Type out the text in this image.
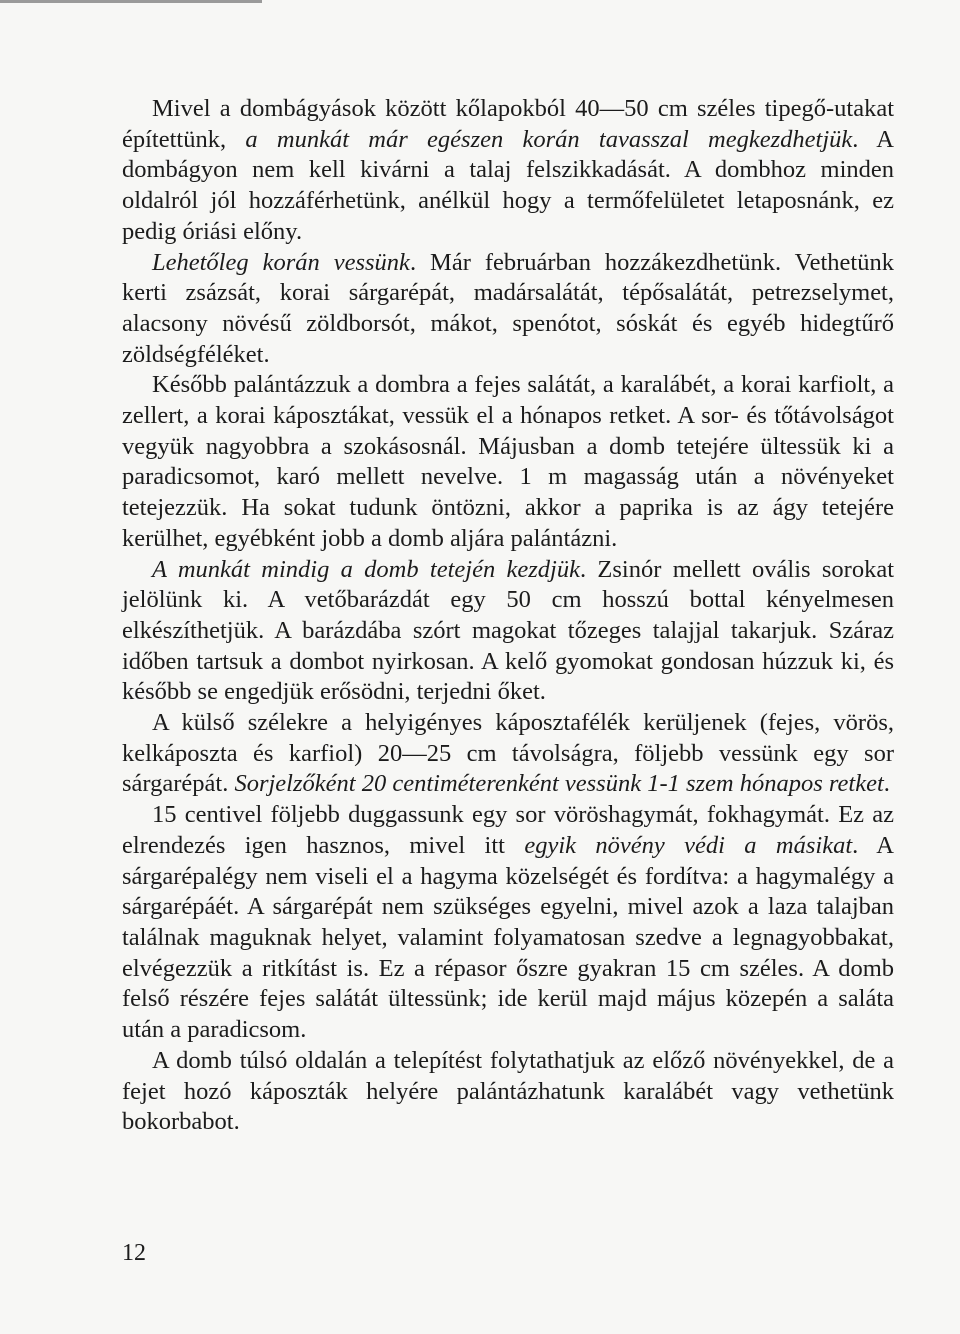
Mivel a dombágyások között kőlapokból 40—50 cm széles tipegő-utakat építettünk, a munkát már egészen korán tavasszal megkezdhetjük. A dombágyon nem kell kivárni a talaj felszikkadását. A dombhoz minden oldalról jól hozzáférhetünk, anélkül hogy a termőfelületet letaposnánk, ez pedig óriási előny.

Lehetőleg korán vessünk. Már februárban hozzákezdhetünk. Vethetünk kerti zsázsát, korai sárgarépát, madársalátát, tépősalátát, petrezselymet, alacsony növésű zöldborsót, mákot, spenótot, sóskát és egyéb hidegtűrő zöldségféléket.

Később palántázzuk a dombra a fejes salátát, a karalábét, a korai karfiolt, a zellert, a korai káposztákat, vessük el a hónapos retket. A sor- és tőtávolságot vegyük nagyobbra a szokásosnál. Májusban a domb tetejére ültessük ki a paradicsomot, karó mellett nevelve. 1 m magasság után a növényeket tetejezzük. Ha sokat tudunk öntözni, akkor a paprika is az ágy tetejére kerülhet, egyébként jobb a domb aljára palántázni.

A munkát mindig a domb tetején kezdjük. Zsinór mellett ovális sorokat jelölünk ki. A vetőbarázdát egy 50 cm hosszú bottal kényelmesen elkészíthetjük. A barázdába szórt magokat tőzeges talajjal takarjuk. Száraz időben tartsuk a dombot nyirkosan. A kelő gyomokat gondosan húzzuk ki, és később se engedjük erősödni, terjedni őket.

A külső szélekre a helyigényes káposztafélék kerüljenek (fejes, vörös, kelkáposzta és karfiol) 20—25 cm távolságra, följebb vessünk egy sor sárgarépát. Sorjelzőként 20 centiméterenként vessünk 1-1 szem hónapos retket.

15 centivel följebb duggassunk egy sor vöröshagymát, fokhagymát. Ez az elrendezés igen hasznos, mivel itt egyik növény védi a másikat. A sárgarépalégy nem viseli el a hagyma közelségét és fordítva: a hagymalégy a sárgarépáét. A sárgarépát nem szükséges egyelni, mivel azok a laza talajban találnak maguknak helyet, valamint folyamatosan szedve a legnagyobbakat, elvégezzük a ritkítást is. Ez a répasor őszre gyakran 15 cm széles. A domb felső részére fejes salátát ültessünk; ide kerül majd május közepén a saláta után a paradicsom.

A domb túlsó oldalán a telepítést folytathatjuk az előző növényekkel, de a fejet hozó káposzták helyére palántázhatunk karalábét vagy vethetünk bokorbabot.

12
